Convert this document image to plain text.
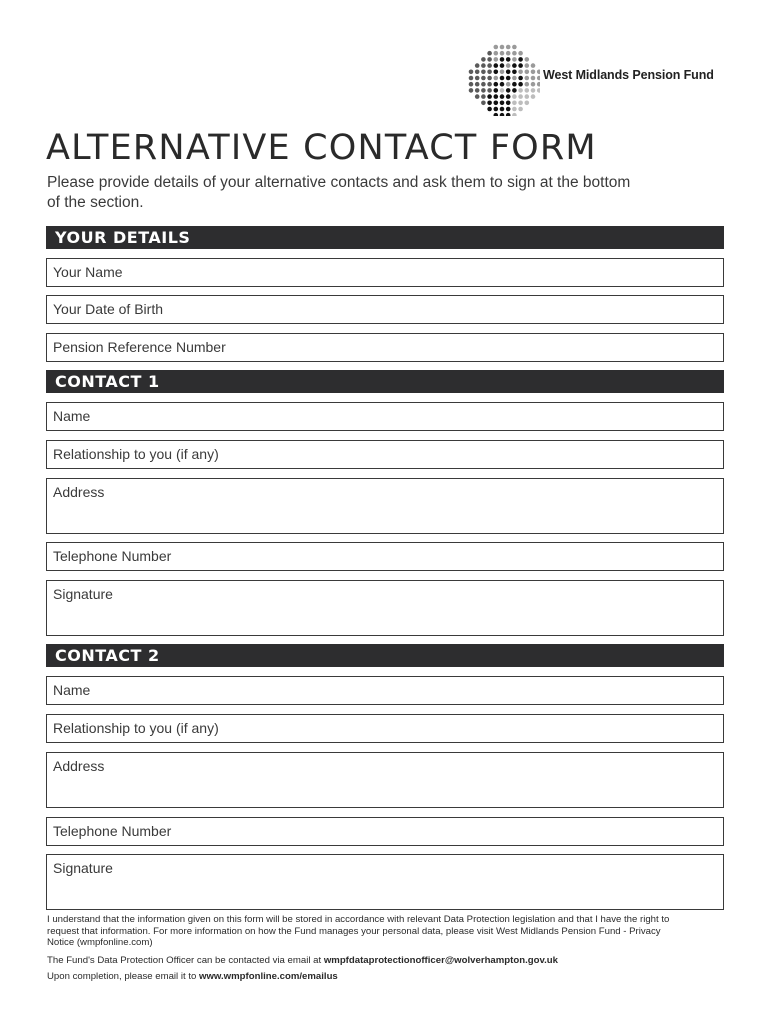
West Midlands Pension Fund
ALTERNATIVE CONTACT FORM

Please provide details of your alternative contacts and ask them to sign at the bottom
of the section.

YOUR DETAILS
Your Name
Your Date of Birth
Pension Reference Number
CONTACT 1
Name
Relationship to you (if any)
Address
Telephone Number
Signature
CONTACT 2
Name
Relationship to you (if any)
Address
Telephone Number
Signature

I understand that the information given on this form will be stored in accordance with relevant Data Protection legislation and that I have the right to
request that information. For more information on how the Fund manages your personal data, please visit West Midlands Pension Fund - Privacy
Notice (wmpfonline.com)

The Fund's Data Protection Officer can be contacted via email at wmpfdataprotectionofficer@wolverhampton.gov.uk

Upon completion, please email it to www.wmpfonline.com/emailus
